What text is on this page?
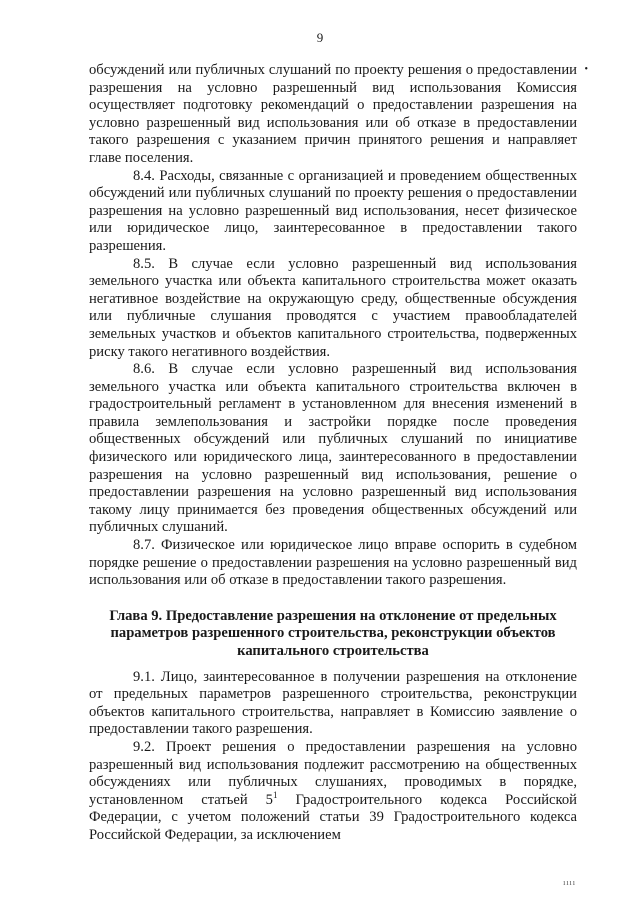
9
•

обсуждений или публичных слушаний по проекту решения о предоставлении разрешения на условно разрешенный вид использования Комиссия осуществляет подготовку рекомендаций о предоставлении разрешения на условно разрешенный вид использования или об отказе в предоставлении такого разрешения с указанием причин принятого решения и направляет главе поселения.

8.4. Расходы, связанные с организацией и проведением общественных обсуждений или публичных слушаний по проекту решения о предоставлении разрешения на условно разрешенный вид использования, несет физическое или юридическое лицо, заинтересованное в предоставлении такого разрешения.

8.5. В случае если условно разрешенный вид использования земельного участка или объекта капитального строительства может оказать негативное воздействие на окружающую среду, общественные обсуждения или публичные слушания проводятся с участием правообладателей земельных участков и объектов капитального строительства, подверженных риску такого негативного воздействия.

8.6. В случае если условно разрешенный вид использования земельного участка или объекта капитального строительства включен в градостроительный регламент в установленном для внесения изменений в правила землепользования и застройки порядке после проведения общественных обсуждений или публичных слушаний по инициативе физического или юридического лица, заинтересованного в предоставлении разрешения на условно разрешенный вид использования, решение о предоставлении разрешения на условно разрешенный вид использования такому лицу принимается без проведения общественных обсуждений или публичных слушаний.

8.7. Физическое или юридическое лицо вправе оспорить в судебном порядке решение о предоставлении разрешения на условно разрешенный вид использования или об отказе в предоставлении такого разрешения.

Глава 9. Предоставление разрешения на отклонение от предельных параметров разрешенного строительства, реконструкции объектов капитального строительства

9.1. Лицо, заинтересованное в получении разрешения на отклонение от предельных параметров разрешенного строительства, реконструкции объектов капитального строительства, направляет в Комиссию заявление о предоставлении такого разрешения.

9.2. Проект решения о предоставлении разрешения на условно разрешенный вид использования подлежит рассмотрению на общественных обсуждениях или публичных слушаниях, проводимых в порядке, установленном статьей $5^1$ Градостроительного кодекса Российской Федерации, с учетом положений статьи 39 Градостроительного кодекса Российской Федерации, за исключением

ıııı
